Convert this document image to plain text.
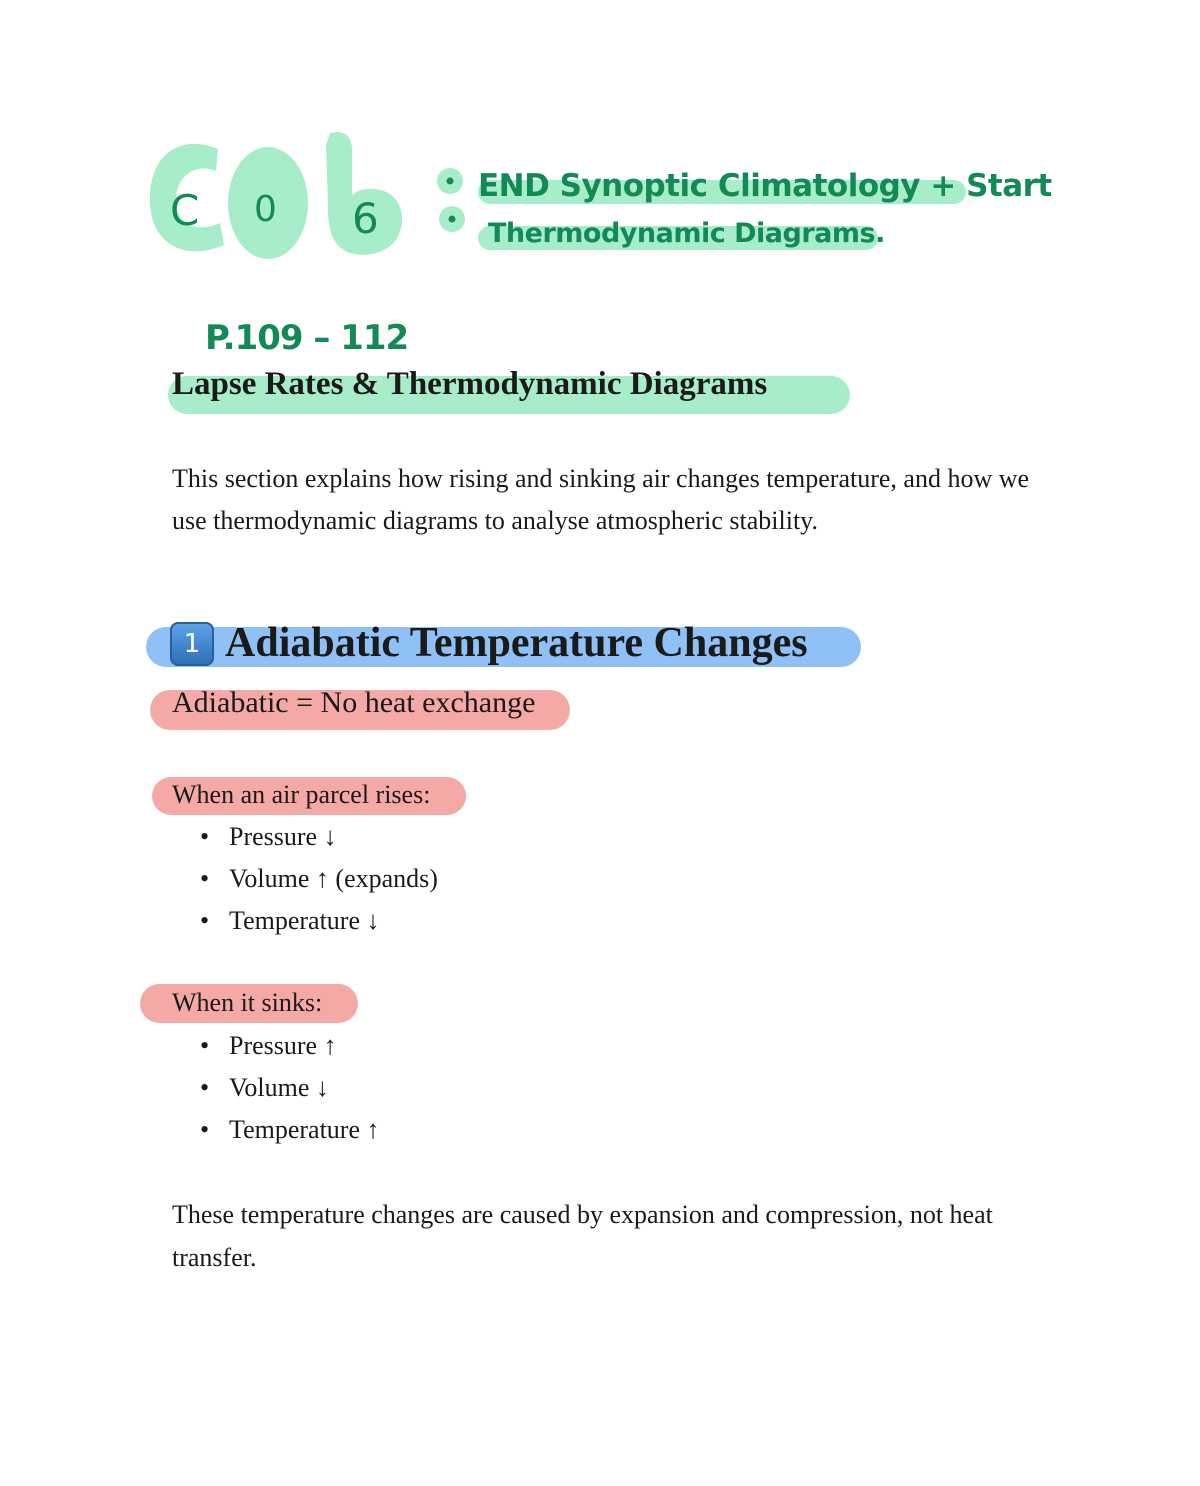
C 0 6
END Synoptic Climatology + Start
Thermodynamic Diagrams.
P.109 – 112
Lapse Rates & Thermodynamic Diagrams
This section explains how rising and sinking air changes temperature, and how we use thermodynamic diagrams to analyse atmospheric stability.
1 Adiabatic Temperature Changes
Adiabatic = No heat exchange
When an air parcel rises:
• Pressure ↓
• Volume ↑ (expands)
• Temperature ↓
When it sinks:
• Pressure ↑
• Volume ↓
• Temperature ↑
These temperature changes are caused by expansion and compression, not heat transfer.
